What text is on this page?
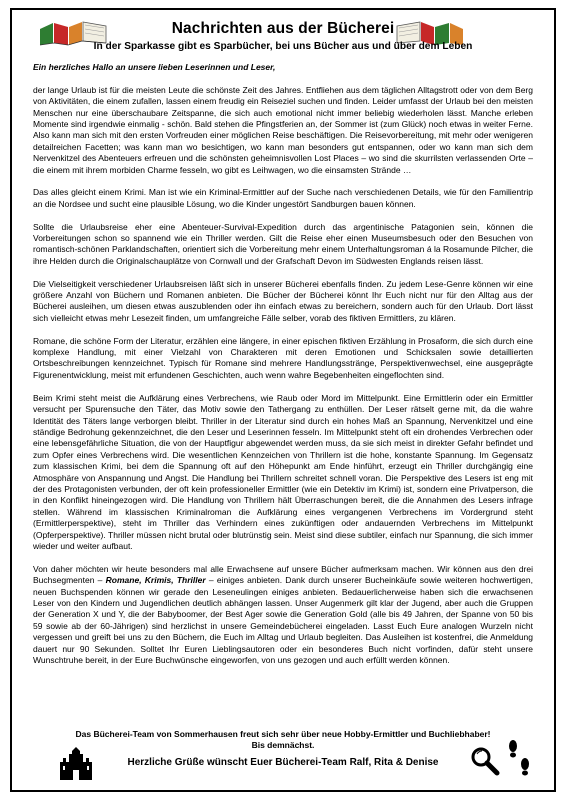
Nachrichten aus der Bücherei
In der Sparkasse gibt es Sparbücher, bei uns Bücher aus und über dem Leben

Ein herzliches Hallo an unsere lieben Leserinnen und Leser,

der lange Urlaub ist für die meisten Leute die schönste Zeit des Jahres. Entfliehen aus dem täglichen Alltagstrott oder von dem Berg von Aktivitäten, die einem zufallen, lassen einem freudig ein Reiseziel suchen und finden. Leider umfasst der Urlaub bei den meisten Menschen nur eine überschaubare Zeitspanne, die sich auch emotional nicht immer beliebig wiederholen lässt. Manche erleben Momente sind irgendwie einmalig - schön. Bald stehen die Pfingstferien an, der Sommer ist (zum Glück) noch etwas in weiter Ferne. Also kann man sich mit den ersten Vorfreuden einer möglichen Reise beschäftigen. Die Reisevorbereitung, mit mehr oder wenigeren detailreichen Facetten; was kann man wo besichtigen, wo kann man besonders gut entspannen, oder wo kann man sich dem Nervenkitzel des Abenteuers erfreuen und die schönsten geheimnisvollen Lost Places – wo sind die skurrilsten verlassenden Orte – die einem mit ihrem morbiden Charme fesseln, wo gibt es Leihwagen, wo die einsamsten Strände …

Das alles gleicht einem Krimi. Man ist wie ein Kriminal-Ermittler auf der Suche nach verschiedenen Details, wie für den Familientrip an die Nordsee und sucht eine plausible Lösung, wo die Kinder ungestört Sandburgen bauen können.

Sollte die Urlaubsreise eher eine Abenteuer-Survival-Expedition durch das argentinische Patagonien sein, können die Vorbereitungen schon so spannend wie ein Thriller werden. Gilt die Reise eher einen Museumsbesuch oder den Besuchen von romantisch-schönen Parklandschaften, orientiert sich die Vorbereitung mehr einem Unterhaltungsroman á la Rosamunde Pilcher, die ihre Helden durch die Originalschauplätze von Cornwall und der Grafschaft Devon im Südwesten Englands reisen lässt.

Die Vielseitigkeit verschiedener Urlaubsreisen läßt sich in unserer Bücherei ebenfalls finden. Zu jedem Lese-Genre können wir eine größere Anzahl von Büchern und Romanen anbieten. Die Bücher der Bücherei könnt Ihr Euch nicht nur für den Alltag aus der Bücherei ausleihen, um diesen etwas auszublenden oder ihn einfach etwas zu bereichern, sondern auch für den Urlaub. Dort lässt sich vielleicht etwas mehr Lesezeit finden, um umfangreiche Fälle selber, vorab des fiktiven Ermittlers, zu klären.

Romane, die schöne Form der Literatur, erzählen eine längere, in einer epischen fiktiven Erzählung in Prosaform, die sich durch eine komplexe Handlung, mit einer Vielzahl von Charakteren mit deren Emotionen und Schicksalen sowie detaillierten Ortsbeschreibungen kennzeichnet. Typisch für Romane sind mehrere Handlungsstränge, Perspektivenwechsel, eine ausgeprägte Figurenentwicklung, meist mit erfundenen Geschichten, auch wenn wahre Begebenheiten eingeflochten sind.

Beim Krimi steht meist die Aufklärung eines Verbrechens, wie Raub oder Mord im Mittelpunkt. Eine Ermittlerin oder ein Ermittler versucht per Spurensuche den Täter, das Motiv sowie den Tathergang zu enthüllen. Der Leser rätselt gerne mit, da die wahre Identität des Täters lange verborgen bleibt. Thriller in der Literatur sind durch ein hohes Maß an Spannung, Nervenkitzel und eine ständige Bedrohung gekennzeichnet, die den Leser und Leserinnen fesseln. Im Mittelpunkt steht oft ein drohendes Verbrechen oder eine lebensgefährliche Situation, die von der Hauptfigur abgewendet werden muss, da sie sich meist in direkter Gefahr befindet und zum Opfer eines Verbrechens wird. Die wesentlichen Kennzeichen von Thrillern ist die hohe, konstante Spannung. Im Gegensatz zum klassischen Krimi, bei dem die Spannung oft auf den Höhepunkt am Ende hinführt, erzeugt ein Thriller durchgängig eine Atmosphäre von Anspannung und Angst. Die Handlung bei Thrillern schreitet schnell voran. Die Perspektive des Lesers ist eng mit der des Protagonisten verbunden, der oft kein professioneller Ermittler (wie ein Detektiv im Krimi) ist, sondern eine Privatperson, die in den Konflikt hineingezogen wird. Die Handlung von Thrillern hält Überraschungen bereit, die die Annahmen des Lesers infrage stellen. Während im klassischen Kriminalroman die Aufklärung eines vergangenen Verbrechens im Vordergrund steht (Ermittlerperspektive), steht im Thriller das Verhindern eines zukünftigen oder andauernden Verbrechens im Mittelpunkt (Opferperspektive). Thriller müssen nicht brutal oder blutrünstig sein. Meist sind diese subtiler, einfach nur Spannung, die sich immer wieder und weiter aufbaut.

Von daher möchten wir heute besonders mal alle Erwachsene auf unsere Bücher aufmerksam machen. Wir können aus den drei Buchsegmenten – Romane, Krimis, Thriller – einiges anbieten. Dank durch unserer Bucheinkäufe sowie weiteren hochwertigen, neuen Buchspenden können wir gerade den Leseneulingen einiges anbieten. Bedauerlicherweise haben sich die erwachsenen Leser von den Kindern und Jugendlichen deutlich abhängen lassen. Unser Augenmerk gilt klar der Jugend, aber auch die Gruppen der Generation X und Y, die der Babyboomer, der Best Ager sowie die Generation Gold (alle bis 49 Jahren, der Spanne von 50 bis 59 sowie ab der 60-Jährigen) sind herzlichst in unsere Gemeindebücherei eingeladen. Lasst Euch Eure analogen Wurzeln nicht vergessen und greift bei uns zu den Büchern, die Euch im Alltag und Urlaub begleiten. Das Ausleihen ist kostenfrei, die Anmeldung dauert nur 90 Sekunden. Solltet Ihr Euren Lieblingsautoren oder ein besonderes Buch nicht vorfinden, dafür steht unsere Wunschtruhe bereit, in der Eure Buchwünsche eingeworfen, von uns gezogen und auch erfüllt werden können.

Das Bücherei-Team von Sommerhausen freut sich sehr über neue Hobby-Ermittler und Buchliebhaber!
Bis demnächst.
Herzliche Grüße wünscht Euer Bücherei-Team Ralf, Rita & Denise
